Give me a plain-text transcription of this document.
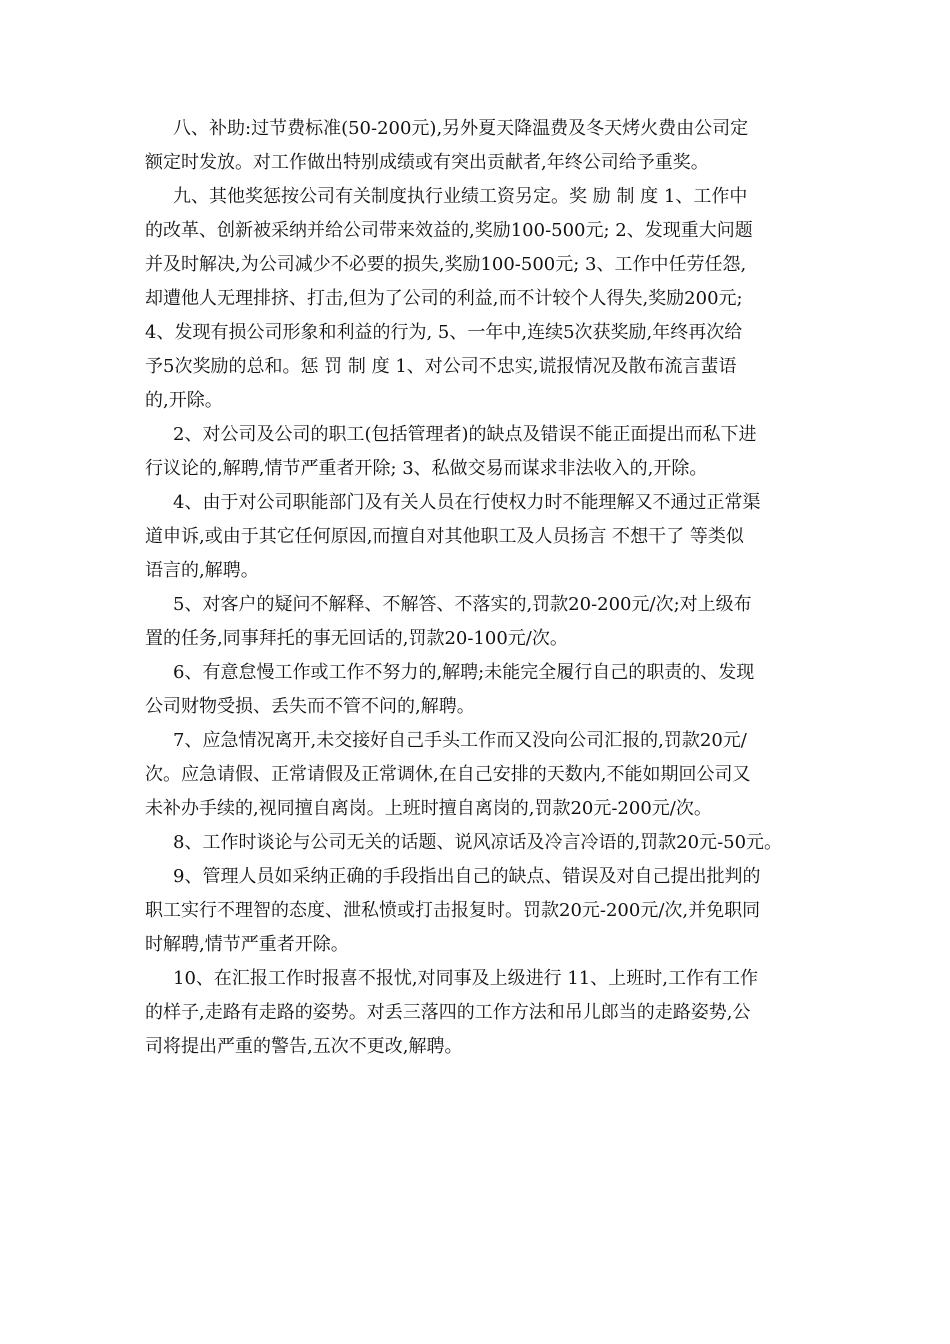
八、补助:过节费标准(50-200元),另外夏天降温费及冬天烤火费由公司定
额定时发放。对工作做出特别成绩或有突出贡献者,年终公司给予重奖。
九、其他奖惩按公司有关制度执行业绩工资另定。奖 励 制 度 1、工作中
的改革、创新被采纳并给公司带来效益的,奖励100-500元; 2、发现重大问题
并及时解决,为公司减少不必要的损失,奖励100-500元; 3、工作中任劳任怨,
却遭他人无理排挤、打击,但为了公司的利益,而不计较个人得失,奖励200元;
4、发现有损公司形象和利益的行为, 5、一年中,连续5次获奖励,年终再次给
予5次奖励的总和。惩 罚 制 度 1、对公司不忠实,谎报情况及散布流言蜚语
的,开除。
2、对公司及公司的职工(包括管理者)的缺点及错误不能正面提出而私下进
行议论的,解聘,情节严重者开除; 3、私做交易而谋求非法收入的,开除。
4、由于对公司职能部门及有关人员在行使权力时不能理解又不通过正常渠
道申诉,或由于其它任何原因,而擅自对其他职工及人员扬言 不想干了 等类似
语言的,解聘。
5、对客户的疑问不解释、不解答、不落实的,罚款20-200元/次;对上级布
置的任务,同事拜托的事无回话的,罚款20-100元/次。
6、有意怠慢工作或工作不努力的,解聘;未能完全履行自己的职责的、发现
公司财物受损、丢失而不管不问的,解聘。
7、应急情况离开,未交接好自己手头工作而又没向公司汇报的,罚款20元/
次。应急请假、正常请假及正常调休,在自己安排的天数内,不能如期回公司又
未补办手续的,视同擅自离岗。上班时擅自离岗的,罚款20元-200元/次。
8、工作时谈论与公司无关的话题、说风凉话及冷言冷语的,罚款20元-50元。
9、管理人员如采纳正确的手段指出自己的缺点、错误及对自己提出批判的
职工实行不理智的态度、泄私愤或打击报复时。罚款20元-200元/次,并免职同
时解聘,情节严重者开除。
10、在汇报工作时报喜不报忧,对同事及上级进行 11、上班时,工作有工作
的样子,走路有走路的姿势。对丢三落四的工作方法和吊儿郎当的走路姿势,公
司将提出严重的警告,五次不更改,解聘。
